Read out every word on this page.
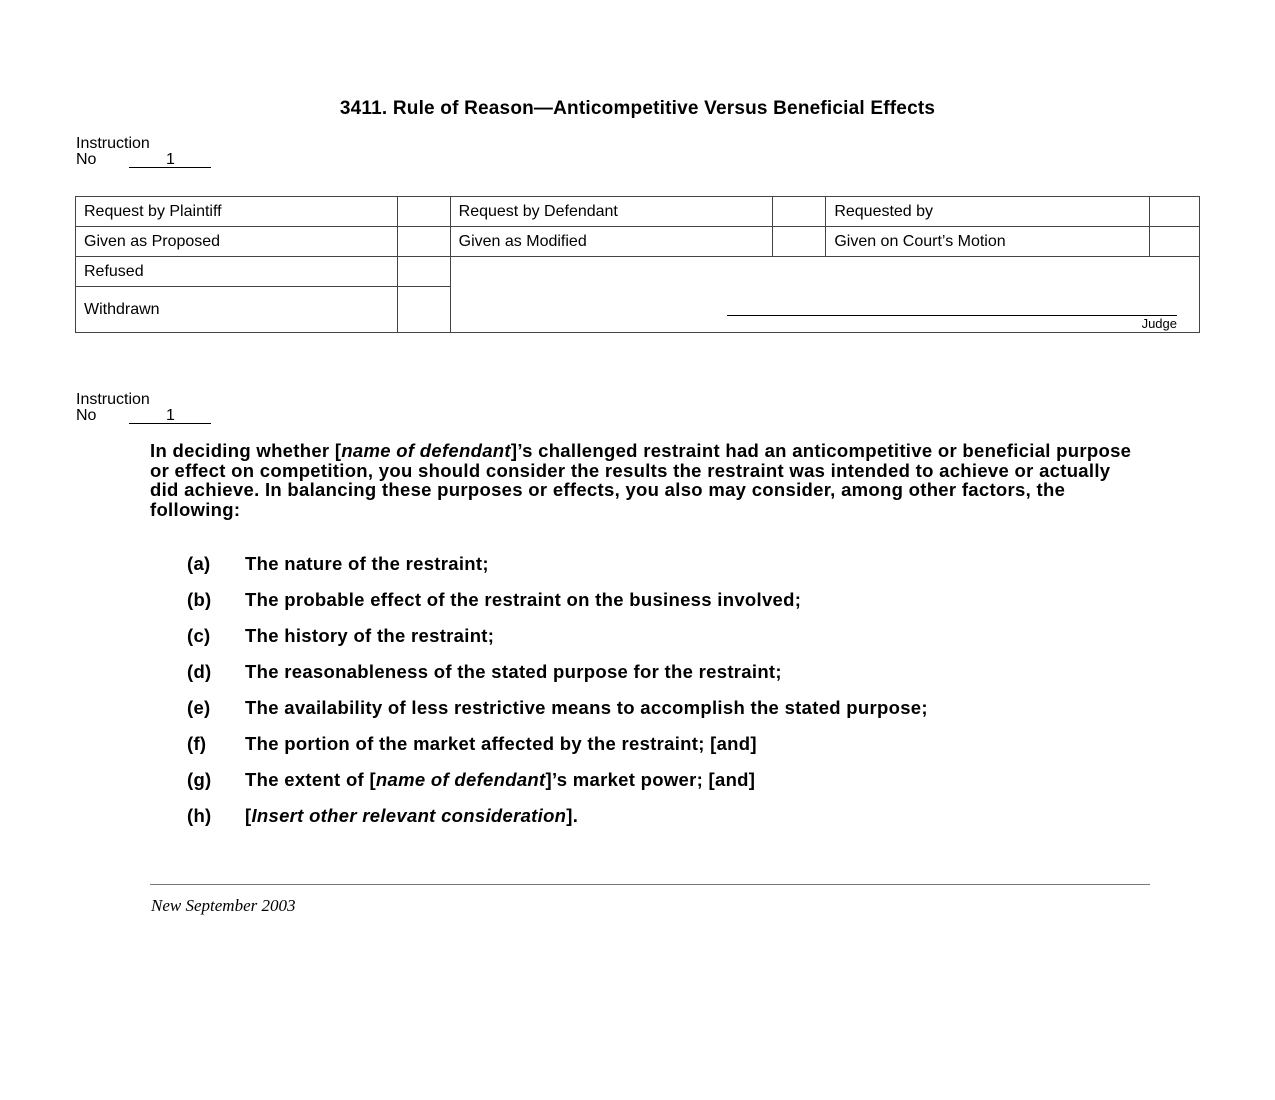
3411. Rule of Reason—Anticompetitive Versus Beneficial Effects
Instruction
No	1
Request by Plaintiff		Request by Defendant		Requested by	
Given as Proposed		Given as Modified		Given on Court’s Motion	
Refused		Judge			

Withdrawn					
Instruction
No	1
In deciding whether [name of defendant]’s challenged restraint had an anticompetitive or beneficial purpose or effect on competition, you should consider the results the restraint was intended to achieve or actually did achieve. In balancing these purposes or effects, you also may consider, among other factors, the following:
(a)	The nature of the restraint;
(b)	The probable effect of the restraint on the business involved;
(c)	The history of the restraint;
(d)	The reasonableness of the stated purpose for the restraint;
(e)	The availability of less restrictive means to accomplish the stated purpose;
(f)	The portion of the market affected by the restraint; [and]
(g)	The extent of [name of defendant]’s market power; [and]
(h)	[Insert other relevant consideration].
New September 2003
